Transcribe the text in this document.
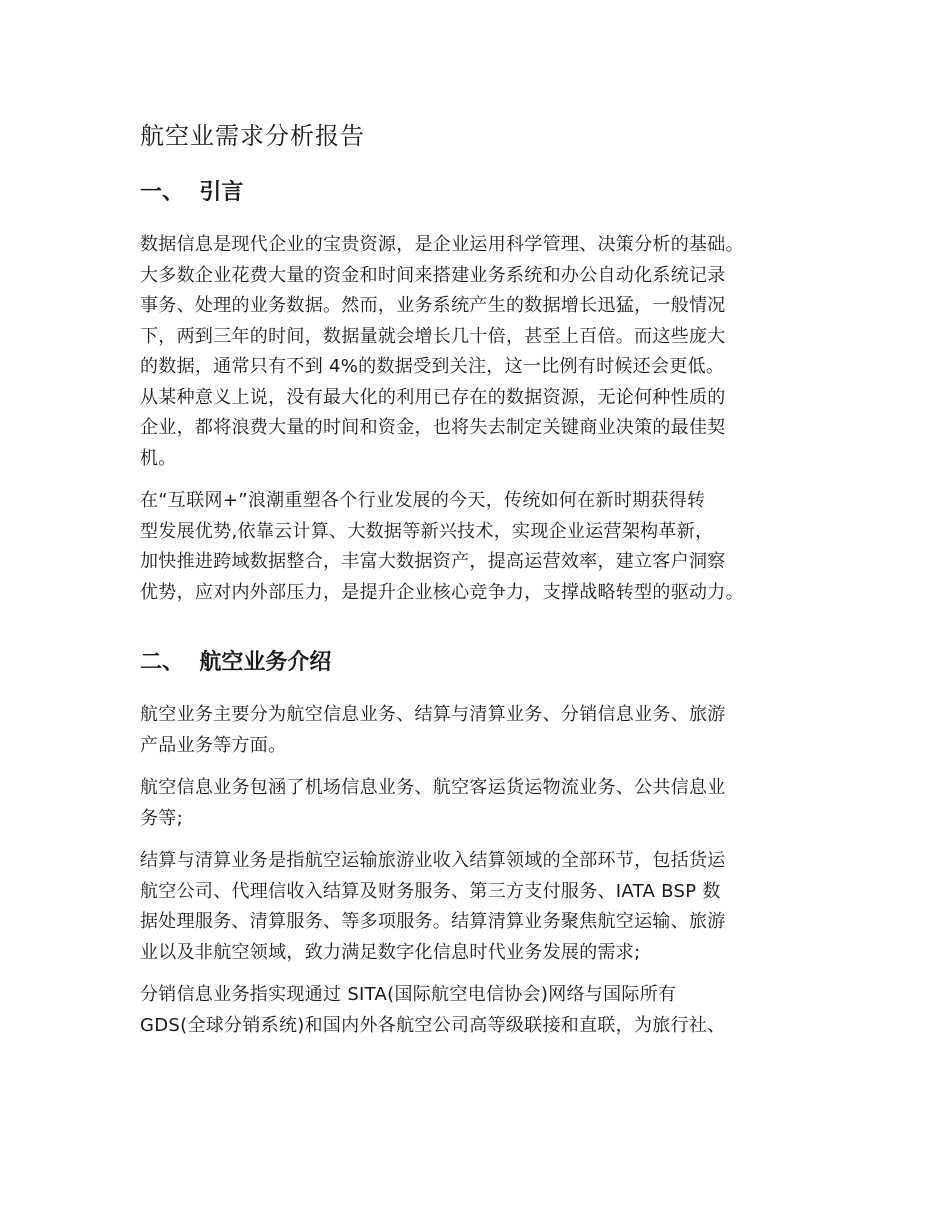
航空业需求分析报告
一、  引言

数据信息是现代企业的宝贵资源，是企业运用科学管理、决策分析的基础。
大多数企业花费大量的资金和时间来搭建业务系统和办公自动化系统记录
事务、处理的业务数据。然而，业务系统产生的数据增长迅猛，一般情况
下，两到三年的时间，数据量就会增长几十倍，甚至上百倍。而这些庞大
的数据，通常只有不到 4%的数据受到关注，这一比例有时候还会更低。
从某种意义上说，没有最大化的利用已存在的数据资源，无论何种性质的
企业，都将浪费大量的时间和资金，也将失去制定关键商业决策的最佳契
机。

在“互联网+”浪潮重塑各个行业发展的今天，传统如何在新时期获得转
型发展优势,依靠云计算、大数据等新兴技术，实现企业运营架构革新，
加快推进跨域数据整合，丰富大数据资产，提高运营效率，建立客户洞察
优势，应对内外部压力，是提升企业核心竞争力，支撑战略转型的驱动力。

二、  航空业务介绍

航空业务主要分为航空信息业务、结算与清算业务、分销信息业务、旅游
产品业务等方面。

航空信息业务包涵了机场信息业务、航空客运货运物流业务、公共信息业
务等;

结算与清算业务是指航空运输旅游业收入结算领域的全部环节，包括货运
航空公司、代理信收入结算及财务服务、第三方支付服务、IATA BSP 数
据处理服务、清算服务、等多项服务。结算清算业务聚焦航空运输、旅游
业以及非航空领域，致力满足数字化信息时代业务发展的需求;

分销信息业务指实现通过 SITA(国际航空电信协会)网络与国际所有
GDS(全球分销系统)和国内外各航空公司高等级联接和直联，为旅行社、
